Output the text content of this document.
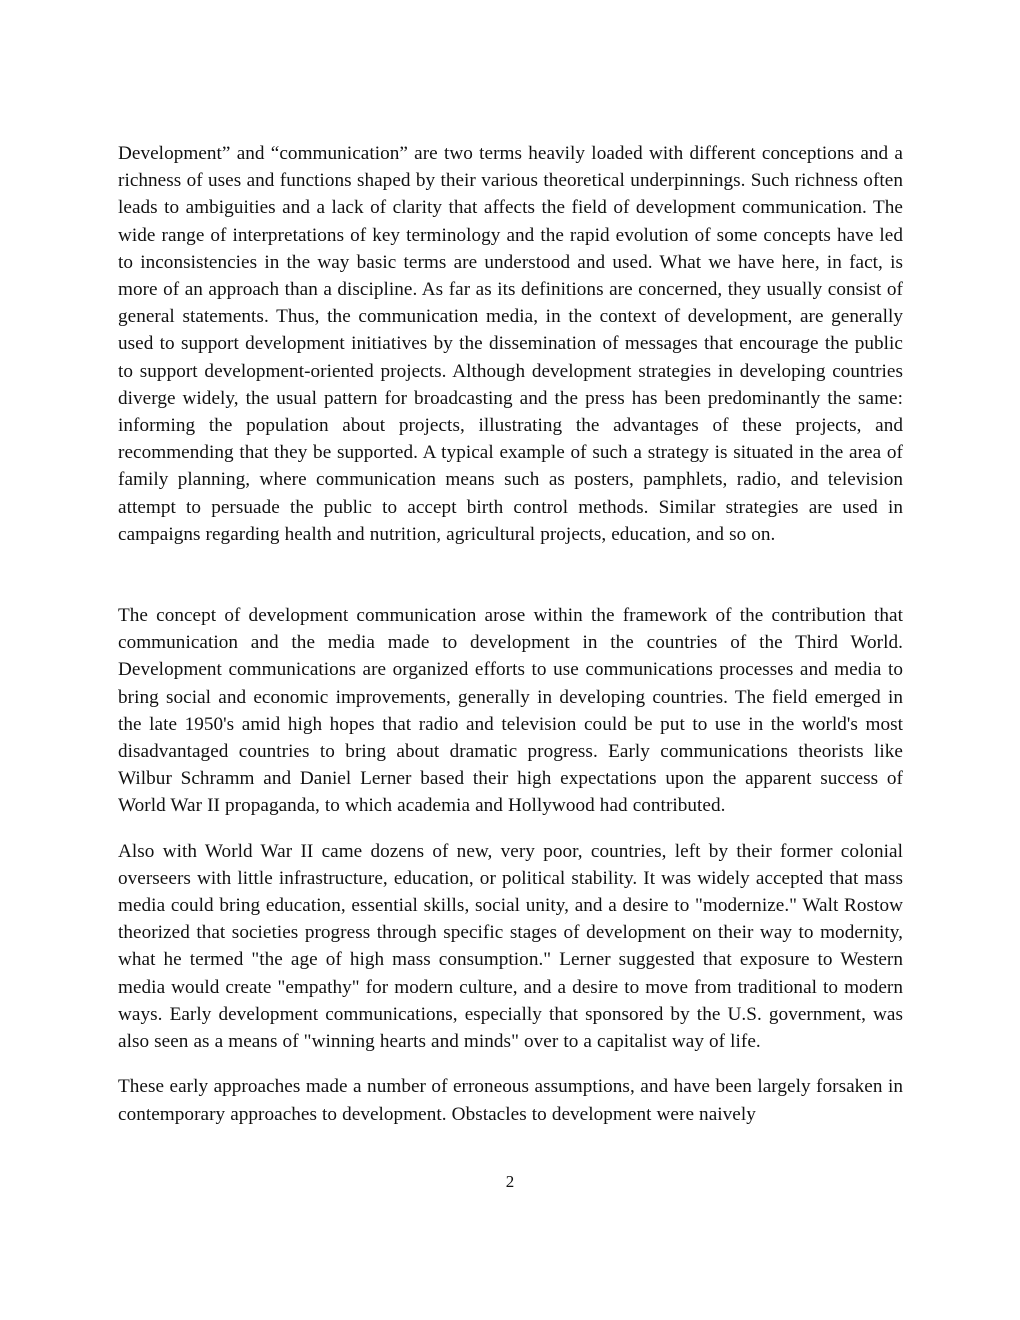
Development” and “communication” are two terms heavily loaded with different conceptions and a richness of uses and functions shaped by their various theoretical underpinnings. Such richness often leads to ambiguities and a lack of clarity that affects the field of development communication. The wide range of interpretations of key terminology and the rapid evolution of some concepts have led to inconsistencies in the way basic terms are understood and used. What we have here, in fact, is more of an approach than a discipline. As far as its definitions are concerned, they usually consist of general statements. Thus, the communication media, in the context of development, are generally used to support development initiatives by the dissemination of messages that encourage the public to support development-oriented projects. Although development strategies in developing countries diverge widely, the usual pattern for broadcasting and the press has been predominantly the same: informing the population about projects, illustrating the advantages of these projects, and recommending that they be supported. A typical example of such a strategy is situated in the area of family planning, where communication means such as posters, pamphlets, radio, and television attempt to persuade the public to accept birth control methods. Similar strategies are used in campaigns regarding health and nutrition, agricultural projects, education, and so on.

The concept of development communication arose within the framework of the contribution that communication and the media made to development in the countries of the Third World. Development communications are organized efforts to use communications processes and media to bring social and economic improvements, generally in developing countries. The field emerged in the late 1950's amid high hopes that radio and television could be put to use in the world's most disadvantaged countries to bring about dramatic progress. Early communications theorists like Wilbur Schramm and Daniel Lerner based their high expectations upon the apparent success of World War II propaganda, to which academia and Hollywood had contributed.

Also with World War II came dozens of new, very poor, countries, left by their former colonial overseers with little infrastructure, education, or political stability. It was widely accepted that mass media could bring education, essential skills, social unity, and a desire to "modernize." Walt Rostow theorized that societies progress through specific stages of development on their way to modernity, what he termed "the age of high mass consumption." Lerner suggested that exposure to Western media would create "empathy" for modern culture, and a desire to move from traditional to modern ways. Early development communications, especially that sponsored by the U.S. government, was also seen as a means of "winning hearts and minds" over to a capitalist way of life.

These early approaches made a number of erroneous assumptions, and have been largely forsaken in contemporary approaches to development. Obstacles to development were naively

2
